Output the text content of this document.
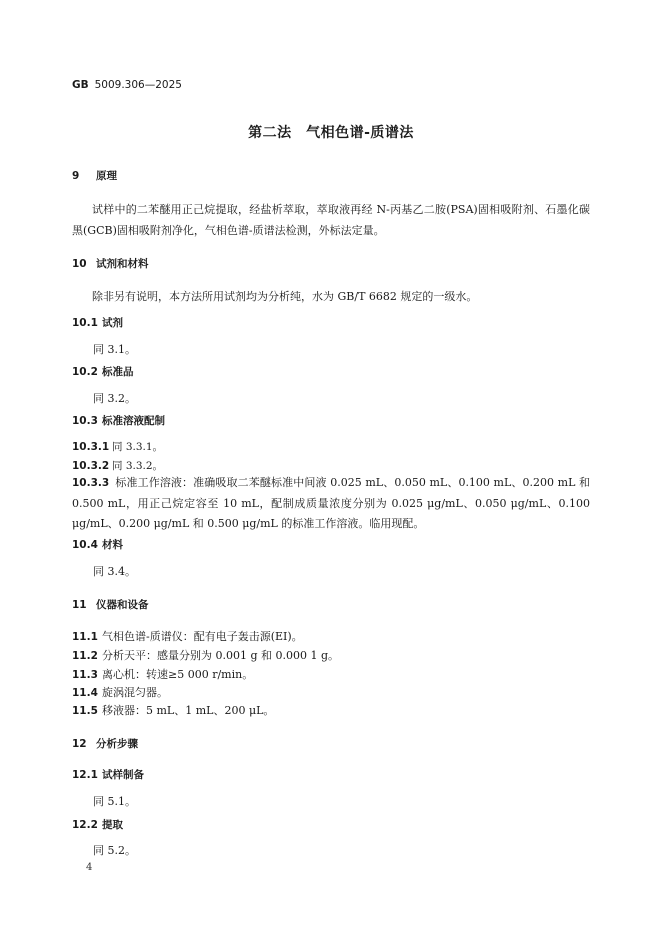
GB 5009.306—2025
第二法　气相色谱-质谱法
9 原理
试样中的二苯醚用正己烷提取，经盐析萃取，萃取液再经 N-丙基乙二胺(PSA)固相吸附剂、石墨化碳黑(GCB)固相吸附剂净化，气相色谱-质谱法检测，外标法定量。
10 试剂和材料
除非另有说明，本方法所用试剂均为分析纯，水为 GB/T 6682 规定的一级水。
10.1 试剂
同 3.1。
10.2 标准品
同 3.2。
10.3 标准溶液配制
10.3.1 同 3.3.1。
10.3.2 同 3.3.2。
10.3.3 标准工作溶液：准确吸取二苯醚标准中间液 0.025 mL、0.050 mL、0.100 mL、0.200 mL 和 0.500 mL，用正己烷定容至 10 mL，配制成质量浓度分别为 0.025 μg/mL、0.050 μg/mL、0.100 μg/mL、0.200 μg/mL 和 0.500 μg/mL 的标准工作溶液。临用现配。
10.4 材料
同 3.4。
11 仪器和设备
11.1 气相色谱-质谱仪：配有电子轰击源(EI)。
11.2 分析天平：感量分别为 0.001 g 和 0.000 1 g。
11.3 离心机：转速≥5 000 r/min。
11.4 旋涡混匀器。
11.5 移液器：5 mL、1 mL、200 μL。
12 分析步骤
12.1 试样制备
同 5.1。
12.2 提取
同 5.2。
4
